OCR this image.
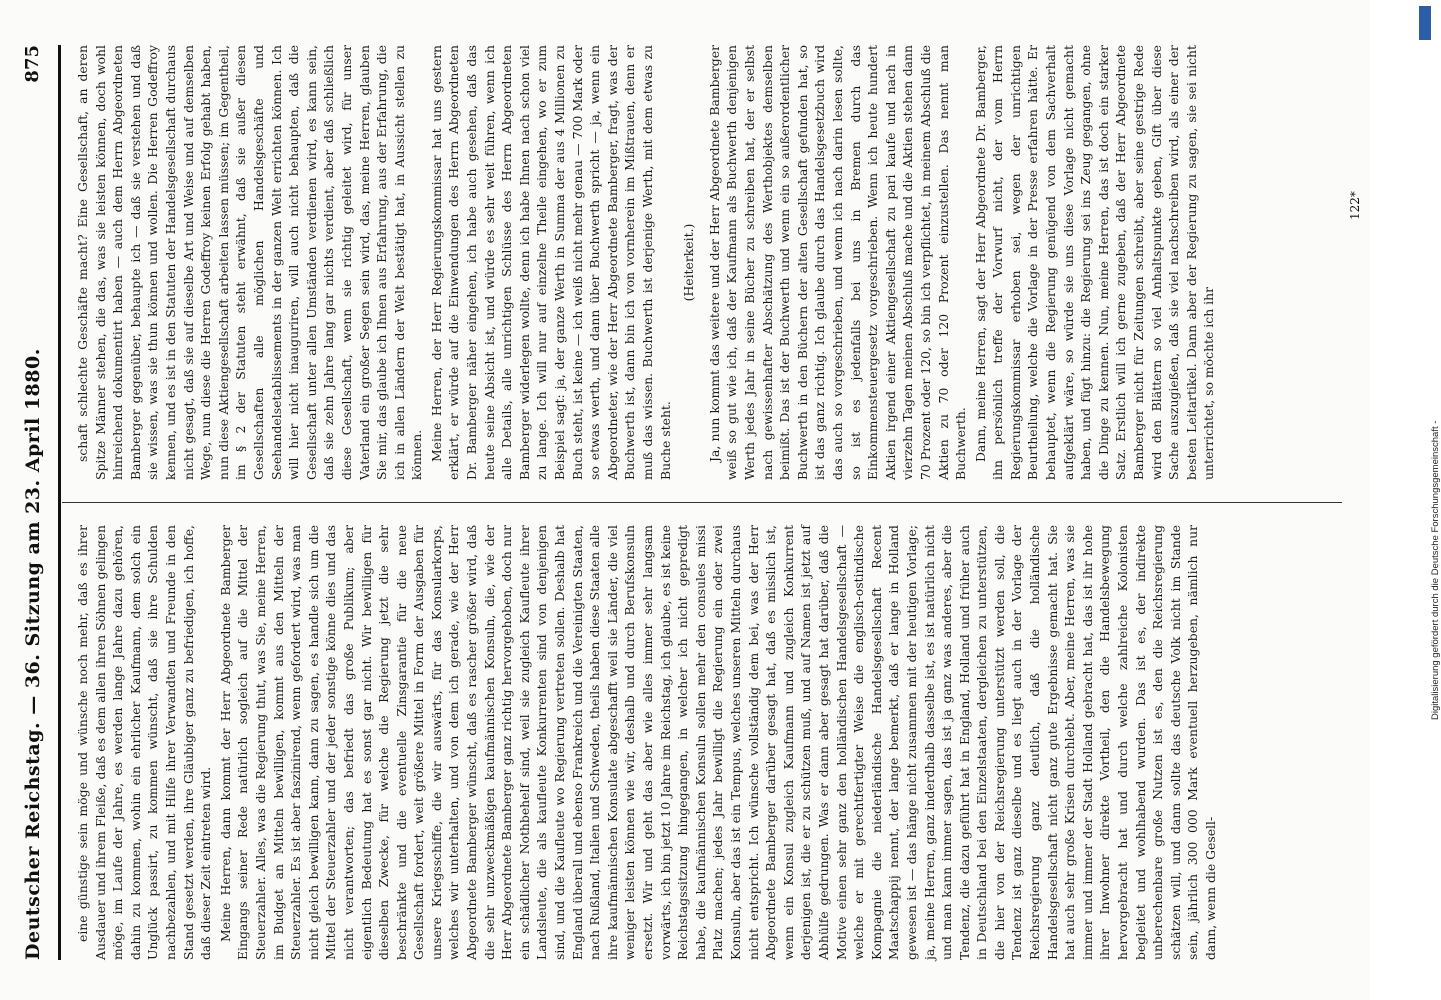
Deutscher Reichstag. — 36. Sitzung am 23. April 1880.
875

eine günstige sein möge und wünsche noch mehr, daß es ihrer Ausdauer und ihrem Fleiße, daß es dem allen ihren Söhnen gelingen möge, im Laufe der Jahre, es werden lange Jahre dazu gehören, dahin zu kommen, wohin ein ehrlicher Kaufmann, dem solch ein Unglück passirt, zu kommen wünscht, daß sie ihre Schulden nachbezahlen, und mit Hilfe ihrer Verwandten und Freunde in den Stand gesetzt werden, ihre Gläubiger ganz zu befriedigen, ich hoffe, daß dieser Zeit eintreten wird. Meine Herren, dann kommt der Herr Abgeordnete Bamberger Eingangs seiner Rede natürlich sogleich auf die Mittel der Steuerzahler. Alles, was die Regierung thut, was Sie, meine Herren, im Budget an Mitteln bewilligen, kommt aus den Mitteln der Steuerzahler. Es ist aber faszinirend, wenn gefordert wird, was man nicht gleich bewilligen kann, dann zu sagen, es handle sich um die Mittel der Steuerzahler und der jeder sonstige könne dies und das nicht verantworten; das befriedt das große Publikum; aber eigentlich Bedeutung hat es sonst gar nicht. Wir bewilligen für dieselben Zwecke, für welche die Regierung jetzt die sehr beschränkte und die eventuelle Zinsgarantie für die neue Gesellschaft fordert, weit größere Mittel in Form der Ausgaben für unsere Kriegsschiffe, die wir auswärts, für das Konsularkorps, welches wir unterhalten, und von dem ich gerade, wie der Herr Abgeordnete Bamberger wünscht, daß es rascher größer wird, daß die sehr unzweckmäßigen kaufmännischen Konsuln, die, wie der Herr Abgeordnete Bamberger ganz richtig hervorgehoben, doch nur ein schädlicher Nothbehelf sind, weil sie zugleich Kaufleute ihrer Landsleute, die als kaufleute Konkurrenten sind von denjenigen sind, und die Kaufleute wo Regierung vertreten sollen. Deshalb hat England überall und ebenso Frankreich und die Vereinigten Staaten, nach Rußland, Italien und Schweden, theils haben diese Staaten alle ihre kaufmännischen Konsulate abgeschafft weil sie Länder, die viel weniger leisten können wie wir, deshalb und durch Berufskonsuln ersetzt. Wir und geht das aber wie alles immer sehr langsam vorwärts, ich bin jetzt 10 Jahre im Reichstag, ich glaube, es ist keine Reichstagssitzung hingegangen, in welcher ich nicht gepredigt habe, die kaufmännischen Konsuln sollen mehr den consules missi Platz machen; jedes Jahr bewilligt die Regierung ein oder zwei Konsuln, aber das ist ein Tempus, welches unseren Mitteln durchaus nicht entspricht. Ich wünsche vollständig dem bei, was der Herr Abgeordnete Bamberger darüber gesagt hat, daß es misslich ist, wenn ein Konsul zugleich Kaufmann und zugleich Konkurrent derjenigen ist, die er zu schützen muß, und auf Namen ist jetzt auf Abhülfe gedrungen. Was er dann aber gesagt hat darüber, daß die Motive einen sehr ganz den holländischen Handelsgesellschaft — welche er mit gerechtfertigter Weise die englisch-ostindische Kompagnie die niederländische Handelsgesellschaft Recent Maatschappij nennt, der lange bemerkt, daß er lange in Holland gewesen ist — das hänge nicht zusammen mit der heutigen Vorlage; ja, meine Herren, ganz inderdhalb dasselbe ist, es ist natürlich nicht und man kann immer sagen, das ist ja ganz was anderes, aber die Tendenz, die dazu geführt hat in England, Holland und früher auch in Deutschland bei den Einzelstaaten, dergleichen zu unterstützen, die hier von der Reichsregierung unterstützt werden soll, die Tendenz ist ganz dieselbe und es liegt auch in der Vorlage der Reichsregierung ganz deutlich, daß die holländische Handelsgesellschaft nicht ganz gute Ergebnisse gemacht hat. Sie hat auch sehr große Krisen durchlebt. Aber, meine Herren, was sie immer und immer der Stadt Holland gebracht hat, das ist ihr hohe ihrer Inwohner direkte Vortheil, den die Handelsbewegung hervorgebracht hat und durch welche zahlreiche Kolonisten begleitet und wohlhabend wurden. Das ist es, der indirekte unberechenbare große Nutzen ist es, den die Reichsregierung schätzen will, und dann sollte das deutsche Volk nicht im Stande sein, jährlich 300 000 Mark eventuell herzugeben, nämlich nur dann, wenn die Gesell-

schaft schlechte Geschäfte macht? Eine Gesellschaft, an deren Spitze Männer stehen, die das, was sie leisten können, doch wohl hinreichend dokumentirt haben — auch dem Herrn Abgeordneten Bamberger gegenüber, behaupte ich — daß sie verstehen und daß sie wissen, was sie thun können und wollen. Die Herren Godeffroy kennen, und es ist in den Statuten der Handelsgesellschaft durchaus nicht gesagt, daß sie auf dieselbe Art und Weise und auf demselben Wege, nun diese die Herren Godeffroy keinen Erfolg gehabt haben, nun diese Aktiengesellschaft arbeiten lassen müssen; im Gegentheil, im § 2 der Statuten steht erwähnt, daß sie außer diesen Gesellschaften alle möglichen Handelsgeschäfte und Seehandelsetablissements in der ganzen Welt errichten können. Ich will hier nicht inauguriren, will auch nicht behaupten, daß die Gesellschaft unter allen Umständen verdienen wird, es kann sein, daß sie zehn Jahre lang gar nichts verdient, aber daß schließlich diese Gesellschaft, wenn sie richtig geleitet wird, für unser Vaterland ein großer Segen sein wird, das, meine Herren, glauben Sie mir, das glaube ich Ihnen aus Erfahrung, aus der Erfahrung, die ich in allen Ländern der Welt bestätigt hat, in Aussicht stellen zu können. Meine Herren, der Herr Regierungskommissar hat uns gestern erklärt, er würde auf die Einwendungen des Herrn Abgeordneten Dr. Bamberger näher eingehen, ich habe auch gesehen, daß das heute seine Absicht ist, und würde es sehr weit führen, wenn ich alle Details, alle unrichtigen Schlüsse des Herrn Abgeordneten Bamberger widerlegen wollte, denn ich habe Ihnen nach schon viel zu lange. Ich will nur auf einzelne Theile eingehen, wo er zum Beispiel sagt: ja, der ganze Werth in Summa der aus 4 Millionen zu Buch steht, ist keine — ich weiß nicht mehr genau — 700 Mark oder so etwas werth, und dann über Buchwerth spricht — ja, wenn ein Abgeordneter, wie der Herr Abgeordnete Bamberger, fragt, was der Buchwerth ist, dann bin ich von vornherein im Mißtrauen, denn er muß das wissen. Buchwerth ist derjenige Werth, mit dem etwas zu Buche steht.

(Heiterkeit.) Ja, nun kommt das weitere und der Herr Abgeordnete Bamberger weiß so gut wie ich, daß der Kaufmann als Buchwerth denjenigen Werth jedes Jahr in seine Bücher zu schreiben hat, der er selbst nach gewissenhafter Abschätzung des Werthobjektes demselben beimißt. Das ist der Buchwerth und wenn ein so außerordentlicher Buchwerth in den Büchern der alten Gesellschaft gefunden hat, so ist das ganz richtig. Ich glaube durch das Handelsgesetzbuch wird das auch so vorgeschrieben, und wenn ich nach darin lesen sollte, so ist es jedenfalls bei uns in Bremen durch das Einkommensteuergesetz vorgeschrieben. Wenn ich heute hundert Aktien irgend einer Aktiengesellschaft zu pari kaufe und nach in vierzehn Tagen meinen Abschluß mache und die Aktien stehen dann 70 Prozent oder 120, so bin ich verpflichtet, in meinem Abschluß die Aktien zu 70 oder 120 Prozent einzustellen. Das nennt man Buchwerth. Dann, meine Herren, sagt der Herr Abgeordnete Dr. Bamberger, ihn persönlich treffe der Vorwurf nicht, der vom Herrn Regierungskommissar erhoben sei, wegen der unrichtigen Beurtheilung, welche die Vorlage in der Presse erfahren hätte. Er behauptet, wenn die Regierung genügend von dem Sachverhalt aufgeklärt wäre, so würde sie uns diese Vorlage nicht gemacht haben, und fügt hinzu: die Regierung sei ins Zeug gegangen, ohne die Dinge zu kennen. Nun, meine Herren, das ist doch ein starker Satz. Erstlich will ich gerne zugeben, daß der Herr Abgeordnete Bamberger nicht für Zeitungen schreibt, aber seine gestrige Rede wird den Blättern so viel Anhaltspunkte geben, Gift über diese Sache auszugießen, daß sie viel nachschreiben wird, als einer der besten Leitartikel. Dann aber der Regierung zu sagen, sie sei nicht unterrichtet, so möchte ich ihr

122*
Digitalisierung gefördert durch die Deutsche Forschungsgemeinschaft -
DFG
